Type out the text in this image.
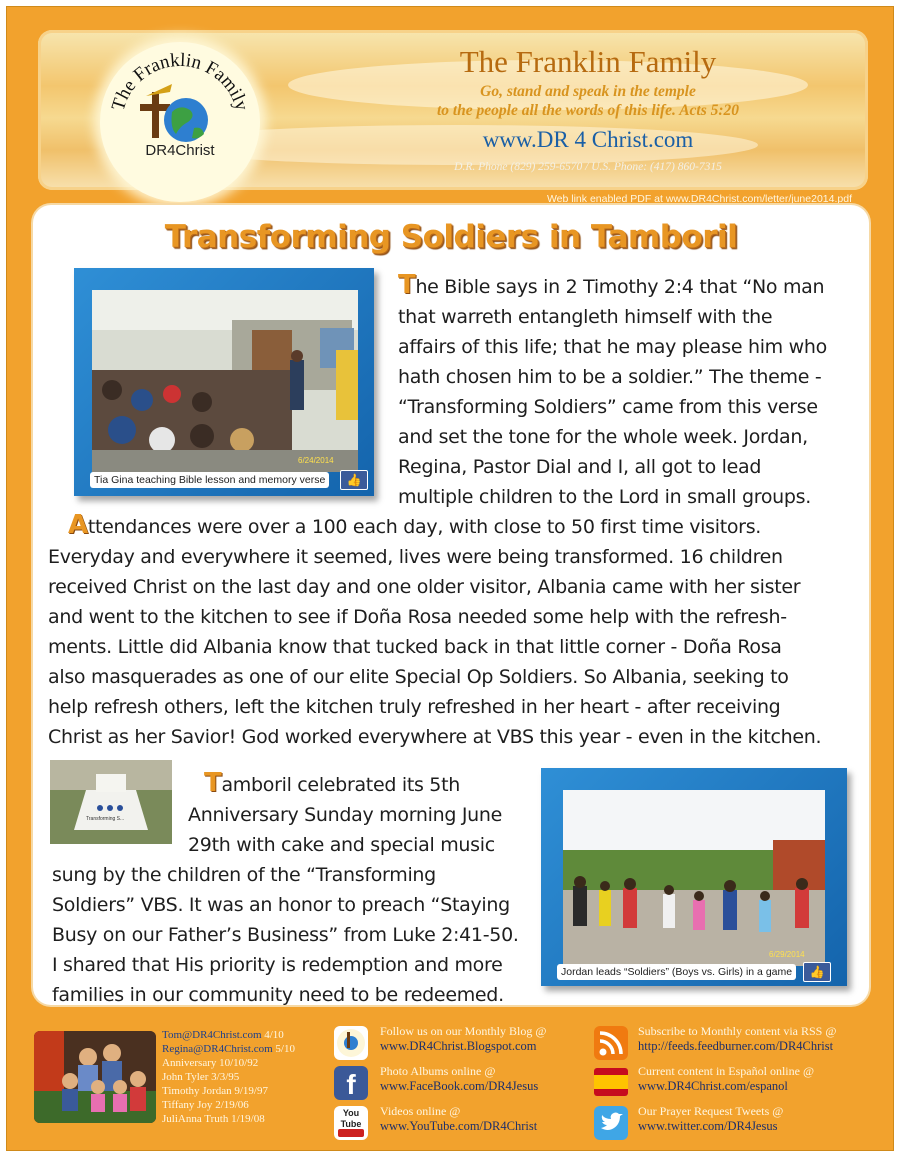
The Franklin Family
Go, stand and speak in the temple
to the people all the words of this life. Acts 5:20
www.DR 4 Christ.com
D.R. Phone (829) 259-6570 / U.S. Phone: (417) 860-7315
The Franklin Family
DR4Christ
Web link enabled PDF at www.DR4Christ.com/letter/june2014.pdf
Transforming Soldiers in Tamboril
6/24/2014
Tia Gina teaching Bible lesson and memory verse	👍
The Bible says in 2 Timothy 2:4 that “No man
that warreth entangleth himself with the
affairs of this life; that he may please him who
hath chosen him to be a soldier.” The theme -
“Transforming Soldiers” came from this verse
and set the tone for the whole week. Jordan,
Regina, Pastor Dial and I, all got to lead
multiple children to the Lord in small groups.
Attendances were over a 100 each day, with close to 50 first time visitors.
Everyday and everywhere it seemed, lives were being transformed. 16 children
received Christ on the last day and one older visitor, Albania came with her sister
and went to the kitchen to see if Doña Rosa needed some help with the refresh-
ments. Little did Albania know that tucked back in that little corner - Doña Rosa
also masquerades as one of our elite Special Op Soldiers. So Albania, seeking to
help refresh others, left the kitchen truly refreshed in her heart - after receiving
Christ as her Savior! God worked everywhere at VBS this year - even in the kitchen.
Transforming S...
Tamboril celebrated its 5th
Anniversary Sunday morning June
29th with cake and special music
sung by the children of the “Transforming
Soldiers” VBS. It was an honor to preach “Staying
Busy on our Father’s Business” from Luke 2:41-50.
I shared that His priority is redemption and more
families in our community need to be redeemed.
6/29/2014
Jordan leads “Soldiers” (Boys vs. Girls) in a game	👍
Tom@DR4Christ.com 4/10
Regina@DR4Christ.com 5/10
Anniversary 10/10/92
John Tyler 3/3/95
Timothy Jordan 9/19/97
Tiffany Joy 2/19/06
JuliAnna Truth 1/19/08
Follow us on our Monthly Blog @
www.DR4Christ.Blogspot.com
f	Photo Albums online @
www.FaceBook.com/DR4Jesus
You Tube
Videos online @
www.YouTube.com/DR4Christ
Subscribe to Monthly content via RSS @
http://feeds.feedburner.com/DR4Christ
Current content in Español online @
www.DR4Christ.com/espanol
Our Prayer Request Tweets @
www.twitter.com/DR4Jesus
